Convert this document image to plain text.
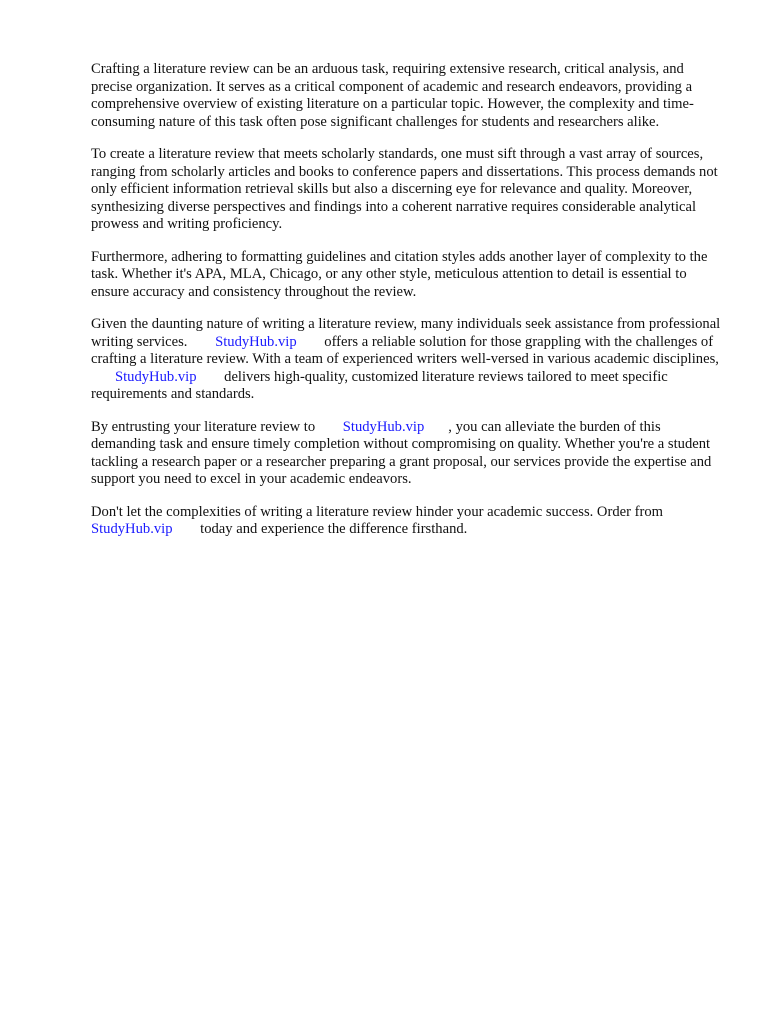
Crafting a literature review can be an arduous task, requiring extensive research, critical analysis, and precise organization. It serves as a critical component of academic and research endeavors, providing a comprehensive overview of existing literature on a particular topic. However, the complexity and time-consuming nature of this task often pose significant challenges for students and researchers alike.

To create a literature review that meets scholarly standards, one must sift through a vast array of sources, ranging from scholarly articles and books to conference papers and dissertations. This process demands not only efficient information retrieval skills but also a discerning eye for relevance and quality. Moreover, synthesizing diverse perspectives and findings into a coherent narrative requires considerable analytical prowess and writing proficiency.

Furthermore, adhering to formatting guidelines and citation styles adds another layer of complexity to the task. Whether it's APA, MLA, Chicago, or any other style, meticulous attention to detail is essential to ensure accuracy and consistency throughout the review.

Given the daunting nature of writing a literature review, many individuals seek assistance from professional writing services. StudyHub.vip offers a reliable solution for those grappling with the challenges of crafting a literature review. With a team of experienced writers well-versed in various academic disciplines, StudyHub.vip delivers high-quality, customized literature reviews tailored to meet specific requirements and standards.

By entrusting your literature review to StudyHub.vip , you can alleviate the burden of this demanding task and ensure timely completion without compromising on quality. Whether you're a student tackling a research paper or a researcher preparing a grant proposal, our services provide the expertise and support you need to excel in your academic endeavors.

Don't let the complexities of writing a literature review hinder your academic success. Order from StudyHub.vip today and experience the difference firsthand.
